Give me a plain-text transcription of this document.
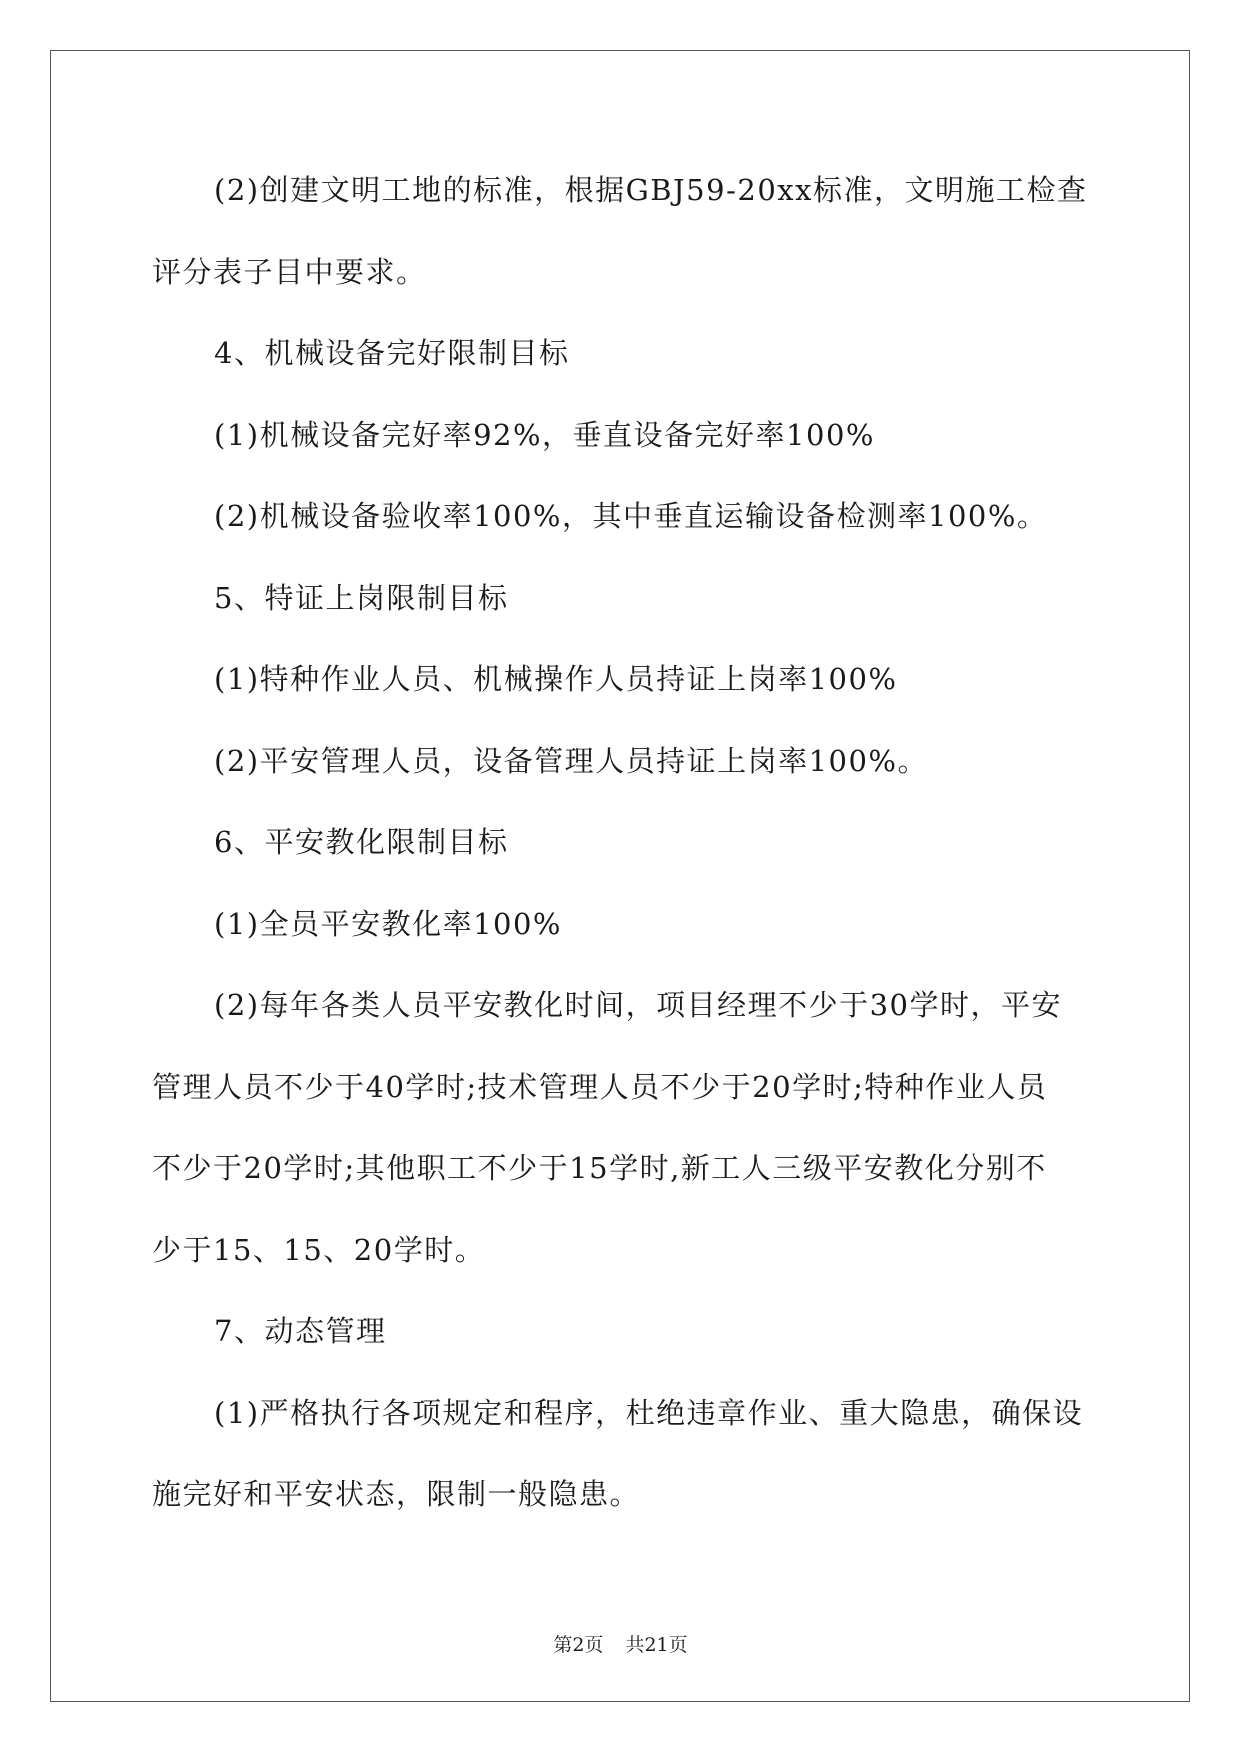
(2)创建文明工地的标准，根据GBJ59-20xx标准，文明施工检查
评分表子目中要求。
4、机械设备完好限制目标
(1)机械设备完好率92%，垂直设备完好率100%
(2)机械设备验收率100%，其中垂直运输设备检测率100%。
5、特证上岗限制目标
(1)特种作业人员、机械操作人员持证上岗率100%
(2)平安管理人员，设备管理人员持证上岗率100%。
6、平安教化限制目标
(1)全员平安教化率100%
(2)每年各类人员平安教化时间，项目经理不少于30学时，平安
管理人员不少于40学时;技术管理人员不少于20学时;特种作业人员
不少于20学时;其他职工不少于15学时,新工人三级平安教化分别不
少于15、15、20学时。
7、动态管理
(1)严格执行各项规定和程序，杜绝违章作业、重大隐患，确保设
施完好和平安状态，限制一般隐患。
第2页 共21页
